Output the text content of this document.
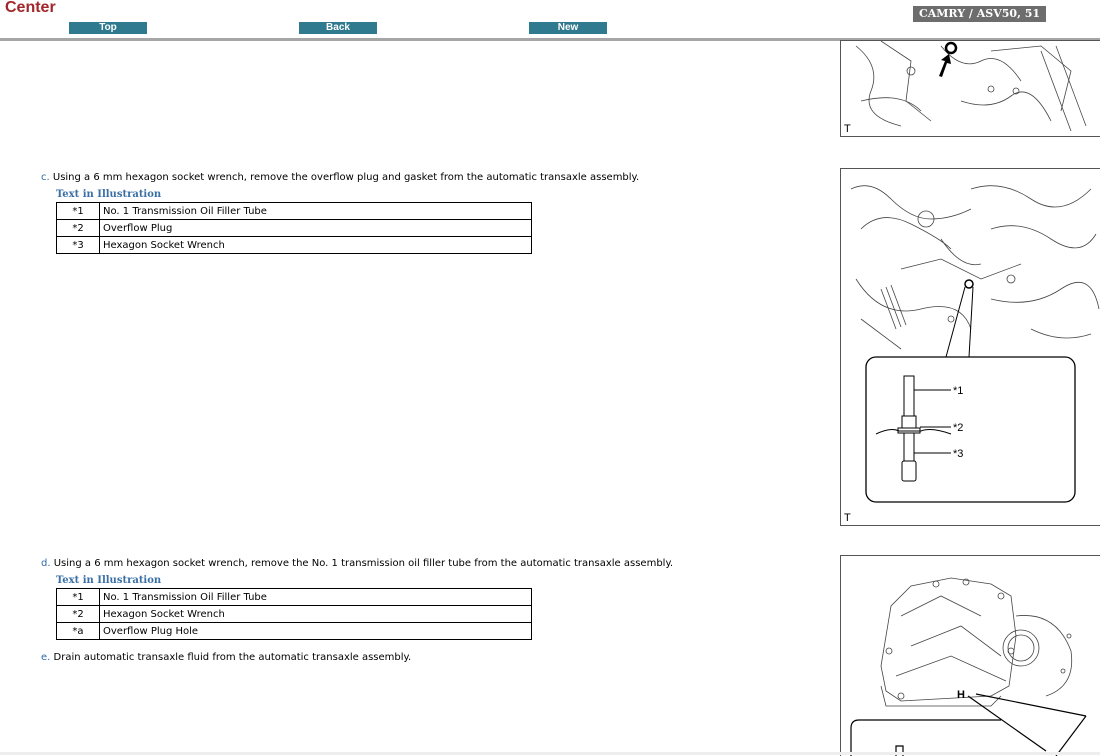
Center
Top	Back	New
CAMRY / ASV50, 51
T
c. Using a 6 mm hexagon socket wrench, remove the overflow plug and gasket from the automatic transaxle assembly.
Text in Illustration
*1	No. 1 Transmission Oil Filler Tube
*2	Overflow Plug
*3	Hexagon Socket Wrench
*1
*2
*3
T
d. Using a 6 mm hexagon socket wrench, remove the No. 1 transmission oil filler tube from the automatic transaxle assembly.
Text in Illustration
*1	No. 1 Transmission Oil Filler Tube
*2	Hexagon Socket Wrench
*a	Overflow Plug Hole
e. Drain automatic transaxle fluid from the automatic transaxle assembly.
H
